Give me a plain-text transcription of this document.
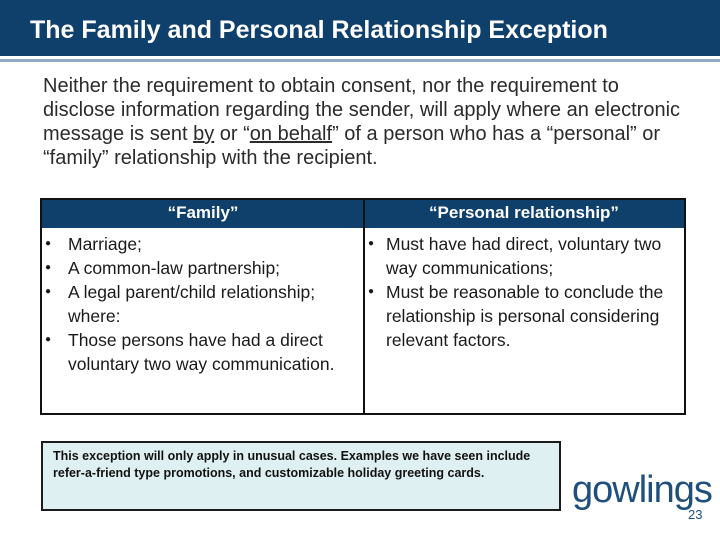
The Family and Personal Relationship Exception
Neither the requirement to obtain consent, nor the requirement to disclose information regarding the sender, will apply where an electronic message is sent by or “on behalf” of a person who has a “personal” or “family” relationship with the recipient.
“Family”	“Personal relationship”
● Marriage;
● A common-law partnership;
● A legal parent/child relationship; where:
● Those persons have had a direct voluntary two way communication.
● Must have had direct, voluntary two way communications;
● Must be reasonable to conclude the relationship is personal considering relevant factors.
This exception will only apply in unusual cases. Examples we have seen include refer-a-friend type promotions, and customizable holiday greeting cards.	gowlings
23
